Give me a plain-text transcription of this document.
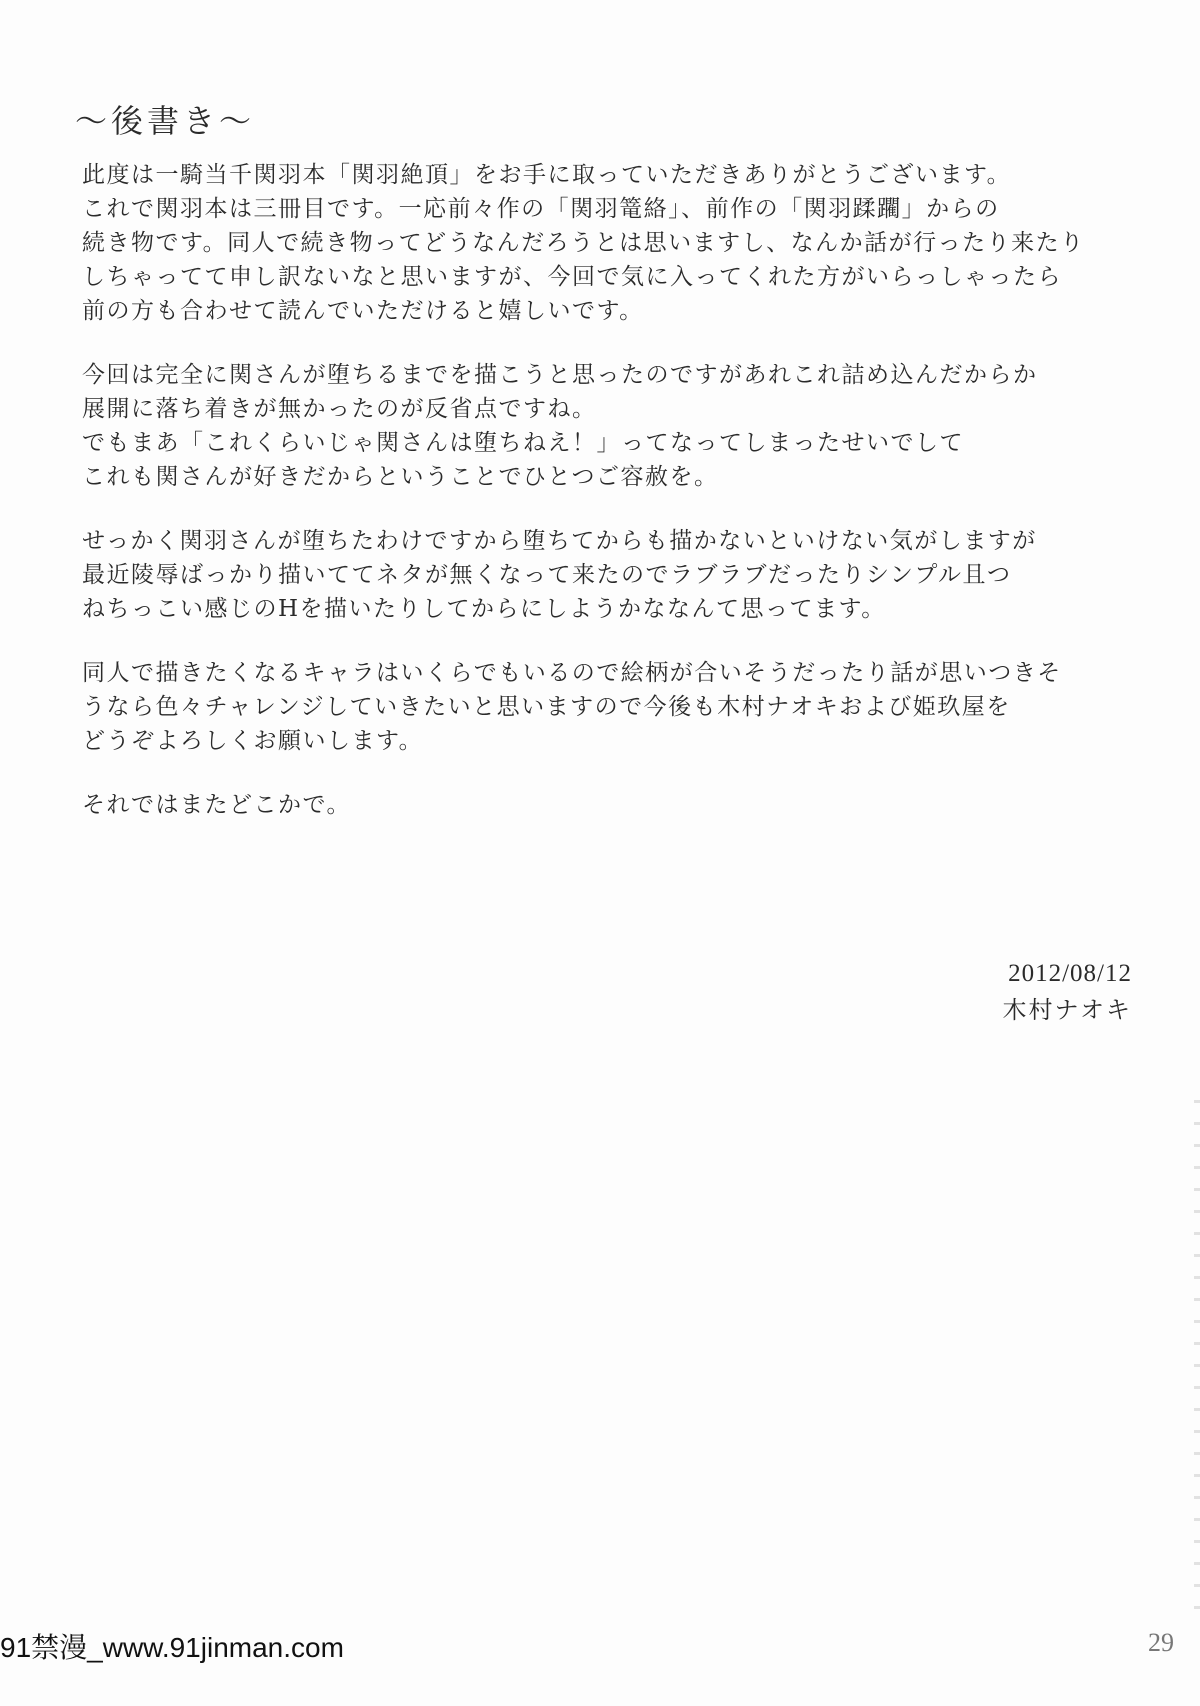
〜後書き〜
此度は一騎当千関羽本「関羽絶頂」をお手に取っていただきありがとうございます。
これで関羽本は三冊目です。一応前々作の「関羽篭絡」、前作の「関羽蹂躙」からの
続き物です。同人で続き物ってどうなんだろうとは思いますし、なんか話が行ったり来たり
しちゃってて申し訳ないなと思いますが、今回で気に入ってくれた方がいらっしゃったら
前の方も合わせて読んでいただけると嬉しいです。
今回は完全に関さんが堕ちるまでを描こうと思ったのですがあれこれ詰め込んだからか
展開に落ち着きが無かったのが反省点ですね。
でもまあ「これくらいじゃ関さんは堕ちねえ！」ってなってしまったせいでして
これも関さんが好きだからということでひとつご容赦を。
せっかく関羽さんが堕ちたわけですから堕ちてからも描かないといけない気がしますが
最近陵辱ばっかり描いててネタが無くなって来たのでラブラブだったりシンプル且つ
ねちっこい感じのHを描いたりしてからにしようかななんて思ってます。
同人で描きたくなるキャラはいくらでもいるので絵柄が合いそうだったり話が思いつきそ
うなら色々チャレンジしていきたいと思いますので今後も木村ナオキおよび姫玖屋を
どうぞよろしくお願いします。
それではまたどこかで。
2012/08/12
木村ナオキ
29
91禁漫_www.91jinman.com
